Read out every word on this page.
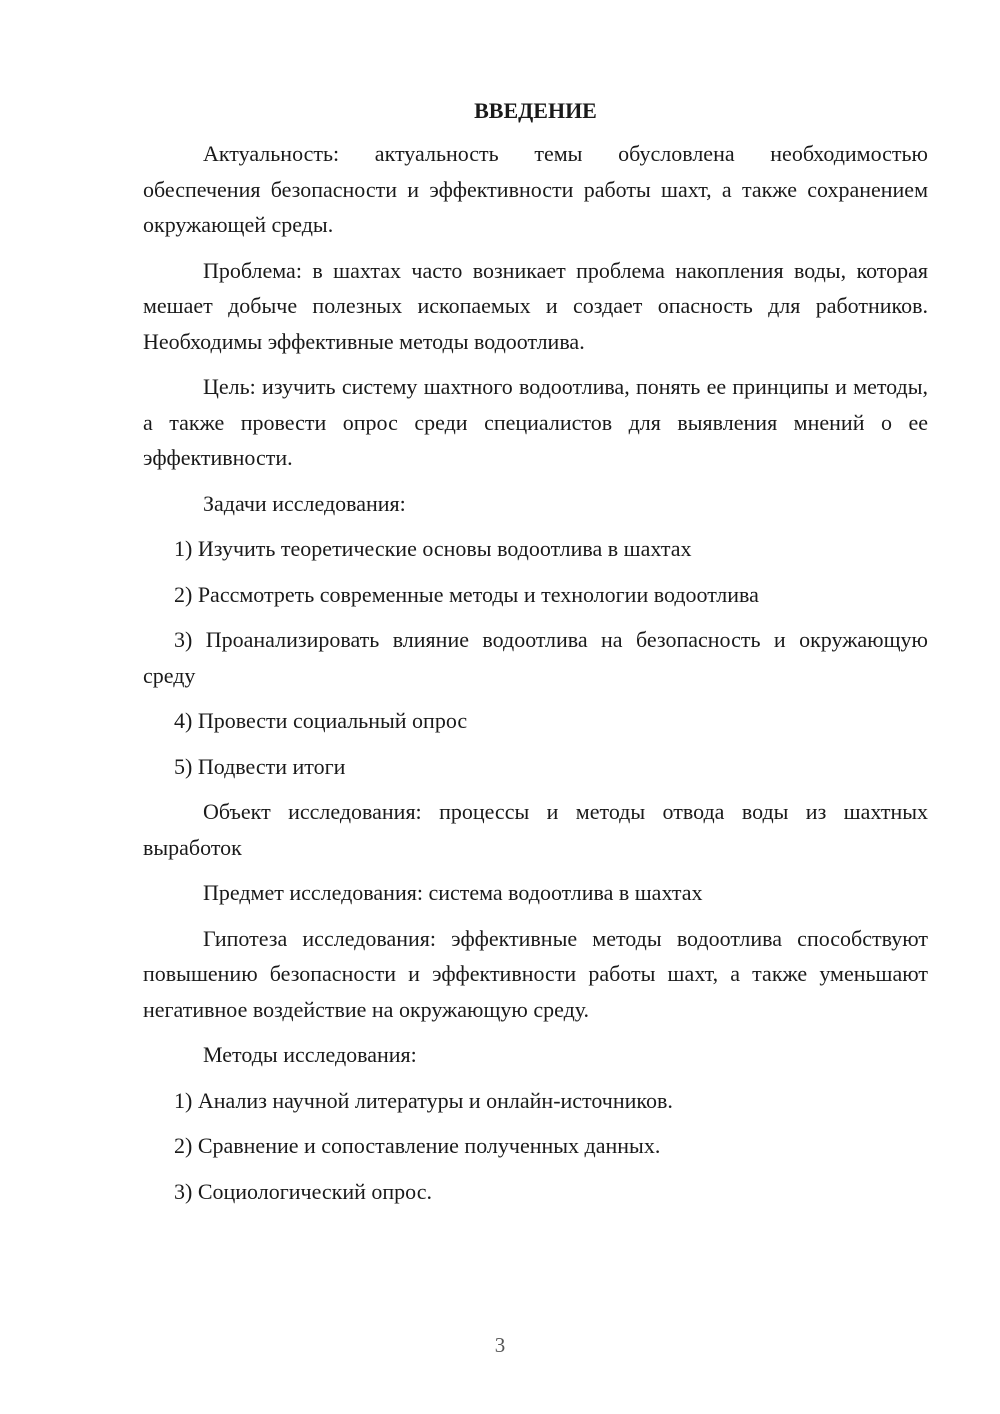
ВВЕДЕНИЕ

Актуальность: актуальность темы обусловлена необходимостью обеспечения безопасности и эффективности работы шахт, а также сохранением окружающей среды.

Проблема: в шахтах часто возникает проблема накопления воды, которая мешает добыче полезных ископаемых и создает опасность для работников. Необходимы эффективные методы водоотлива.

Цель: изучить систему шахтного водоотлива, понять ее принципы и методы, а также провести опрос среди специалистов для выявления мнений о ее эффективности.

Задачи исследования:

1) Изучить теоретические основы водоотлива в шахтах

2) Рассмотреть современные методы и технологии водоотлива

3) Проанализировать влияние водоотлива на безопасность и окружающую среду

4) Провести социальный опрос

5) Подвести итоги

Объект исследования: процессы и методы отвода воды из шахтных выработок

Предмет исследования: система водоотлива в шахтах

Гипотеза исследования: эффективные методы водоотлива способствуют повышению безопасности и эффективности работы шахт, а также уменьшают негативное воздействие на окружающую среду.

Методы исследования:

1) Анализ научной литературы и онлайн-источников.

2) Сравнение и сопоставление полученных данных.

3) Социологический опрос.

3
